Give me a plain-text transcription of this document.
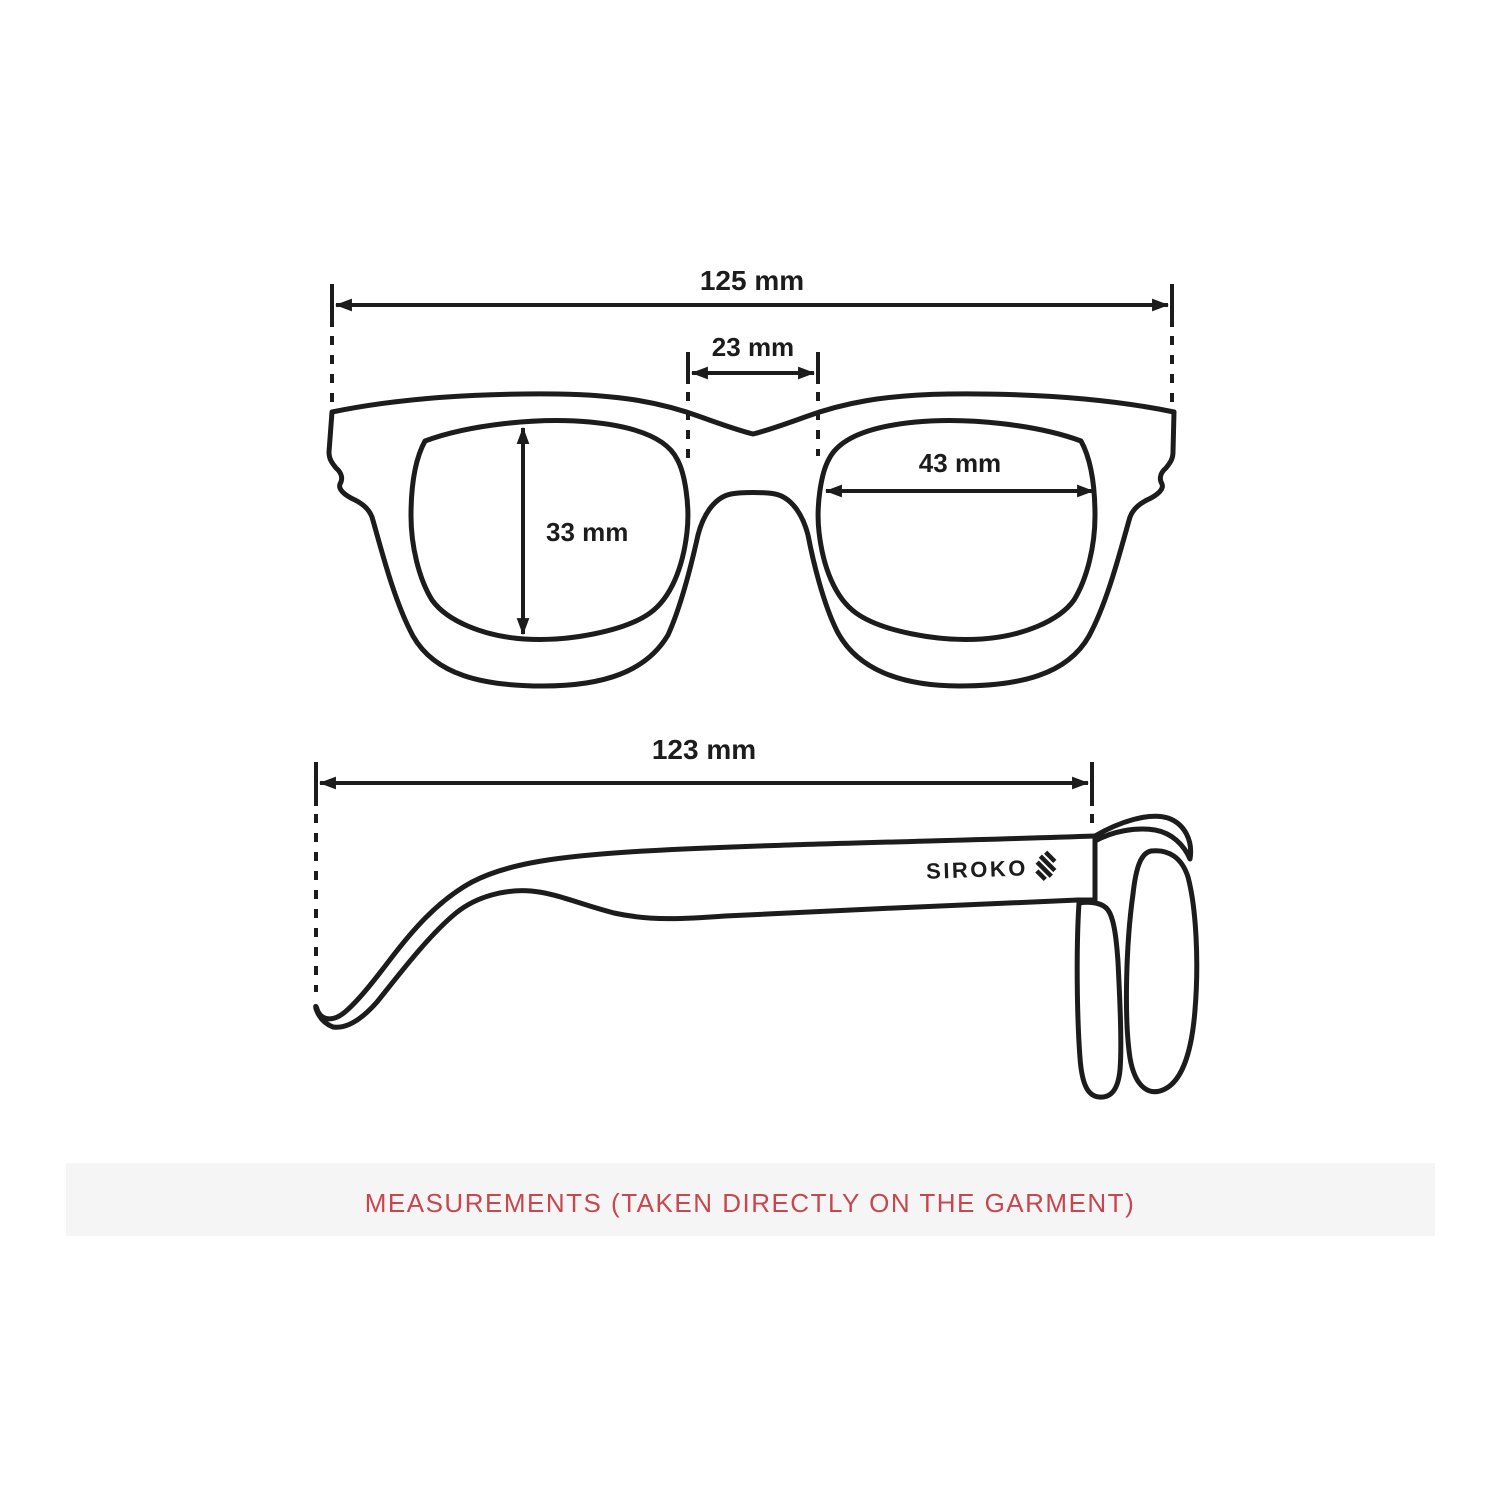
125 mm
23 mm
43 mm
33 mm
123 mm
SIROKO
MEASUREMENTS (TAKEN DIRECTLY ON THE GARMENT)
